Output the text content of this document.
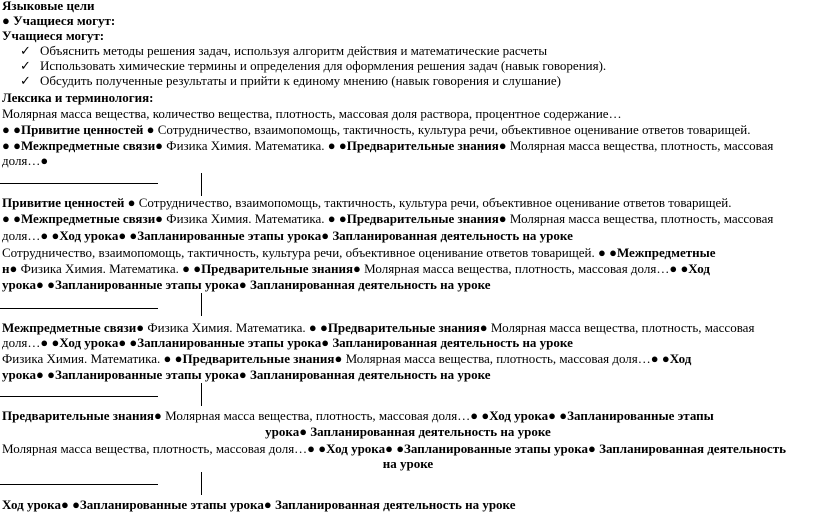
Языковые цели
● Учащиеся могут:
Учащиеся могут:
✓ Объяснить методы решения задач, используя алгоритм действия и математические расчеты
✓ Использовать химические термины и определения для оформления решения задач (навык говорения).
✓ Обсудить полученные результаты и прийти к единому мнению (навык говорения и слушание)
Лексика и терминология:
Молярная масса вещества, количество вещества, плотность, массовая доля раствора, процентное содержание…
● ●Привитие ценностей ● Сотрудничество, взаимопомощь, тактичность, культура речи, объективное оценивание ответов товарищей.
● ●Межпредметные связи● Физика Химия. Математика. ● ●Предварительные знания● Молярная масса вещества, плотность, массовая
доля…●
Привитие ценностей ● Сотрудничество, взаимопомощь, тактичность, культура речи, объективное оценивание ответов товарищей.
● ●Межпредметные связи● Физика Химия. Математика. ● ●Предварительные знания● Молярная масса вещества, плотность, массовая
доля…● ●Ход урока● ●Запланированные этапы урока● Запланированная деятельность на уроке
Сотрудничество, взаимопомощь, тактичность, культура речи, объективное оценивание ответов товарищей. ● ●Межпредметные
н● Физика Химия. Математика. ● ●Предварительные знания● Молярная масса вещества, плотность, массовая доля…● ●Ход
урока● ●Запланированные этапы урока● Запланированная деятельность на уроке
Межпредметные связи● Физика Химия. Математика. ● ●Предварительные знания● Молярная масса вещества, плотность, массовая
доля…● ●Ход урока● ●Запланированные этапы урока● Запланированная деятельность на уроке
Физика Химия. Математика. ● ●Предварительные знания● Молярная масса вещества, плотность, массовая доля…● ●Ход
урока● ●Запланированные этапы урока● Запланированная деятельность на уроке
Предварительные знания● Молярная масса вещества, плотность, массовая доля…● ●Ход урока● ●Запланированные этапы
урока● Запланированная деятельность на уроке
Молярная масса вещества, плотность, массовая доля…● ●Ход урока● ●Запланированные этапы урока● Запланированная деятельность
на уроке
Ход урока● ●Запланированные этапы урока● Запланированная деятельность на уроке
